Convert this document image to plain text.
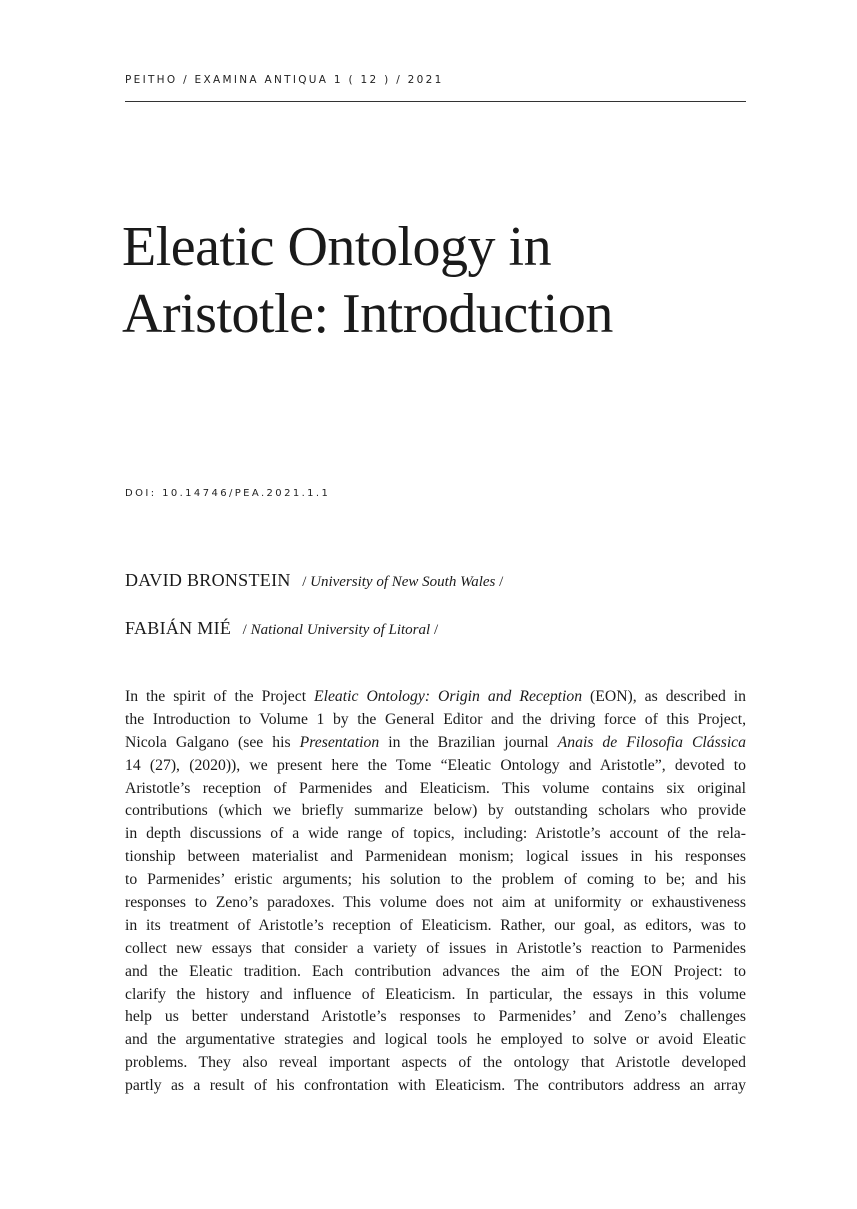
PEITHO / EXAMINA ANTIQUA 1 ( 12 ) / 2021
Eleatic Ontology in
Aristotle: Introduction
DOI: 10.14746/PEA.2021.1.1
DAVID BRONSTEIN / University of New South Wales /
FABIÁN MIÉ / National University of Litoral /
In the spirit of the Project Eleatic Ontology: Origin and Reception (EON), as described in
the Introduction to Volume 1 by the General Editor and the driving force of this Project,
Nicola Galgano (see his Presentation in the Brazilian journal Anais de Filosofia Clássica
14 (27), (2020)), we present here the Tome “Eleatic Ontology and Aristotle”, devoted to
Aristotle’s reception of Parmenides and Eleaticism. This volume contains six original
contributions (which we briefly summarize below) by outstanding scholars who provide
in depth discussions of a wide range of topics, including: Aristotle’s account of the rela-
tionship between materialist and Parmenidean monism; logical issues in his responses
to Parmenides’ eristic arguments; his solution to the problem of coming to be; and his
responses to Zeno’s paradoxes. This volume does not aim at uniformity or exhaustiveness
in its treatment of Aristotle’s reception of Eleaticism. Rather, our goal, as editors, was to
collect new essays that consider a variety of issues in Aristotle’s reaction to Parmenides
and the Eleatic tradition. Each contribution advances the aim of the EON Project: to
clarify the history and influence of Eleaticism. In particular, the essays in this volume
help us better understand Aristotle’s responses to Parmenides’ and Zeno’s challenges
and the argumentative strategies and logical tools he employed to solve or avoid Eleatic
problems. They also reveal important aspects of the ontology that Aristotle developed
partly as a result of his confrontation with Eleaticism. The contributors address an array
